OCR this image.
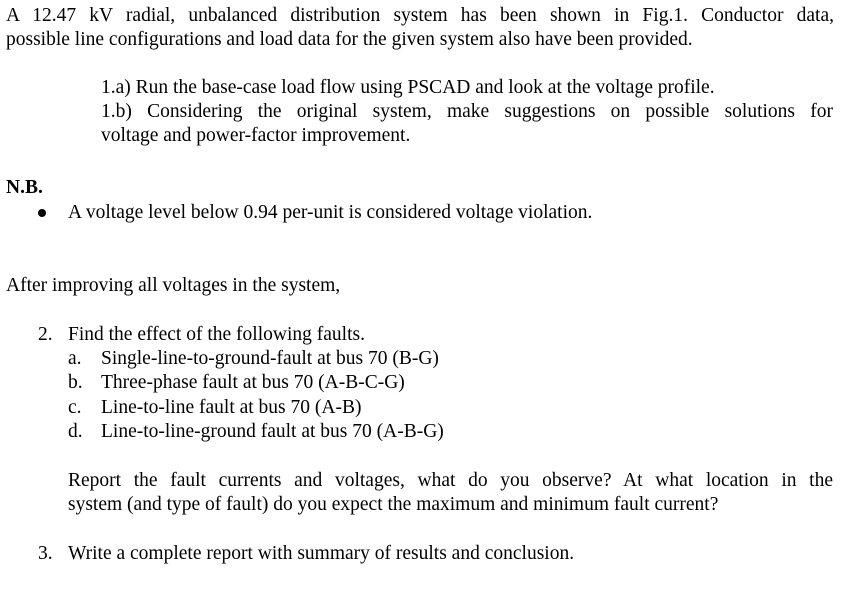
A 12.47 kV radial, unbalanced distribution system has been shown in Fig.1. Conductor data,
possible line configurations and load data for the given system also have been provided.
1.a) Run the base-case load flow using PSCAD and look at the voltage profile.
1.b) Considering the original system, make suggestions on possible solutions for
voltage and power-factor improvement.
N.B.
A voltage level below 0.94 per-unit is considered voltage violation.
After improving all voltages in the system,
2. Find the effect of the following faults.
a. Single-line-to-ground-fault at bus 70 (B-G)
b. Three-phase fault at bus 70 (A-B-C-G)
c. Line-to-line fault at bus 70 (A-B)
d. Line-to-line-ground fault at bus 70 (A-B-G)
Report the fault currents and voltages, what do you observe? At what location in the
system (and type of fault) do you expect the maximum and minimum fault current?
3. Write a complete report with summary of results and conclusion.
